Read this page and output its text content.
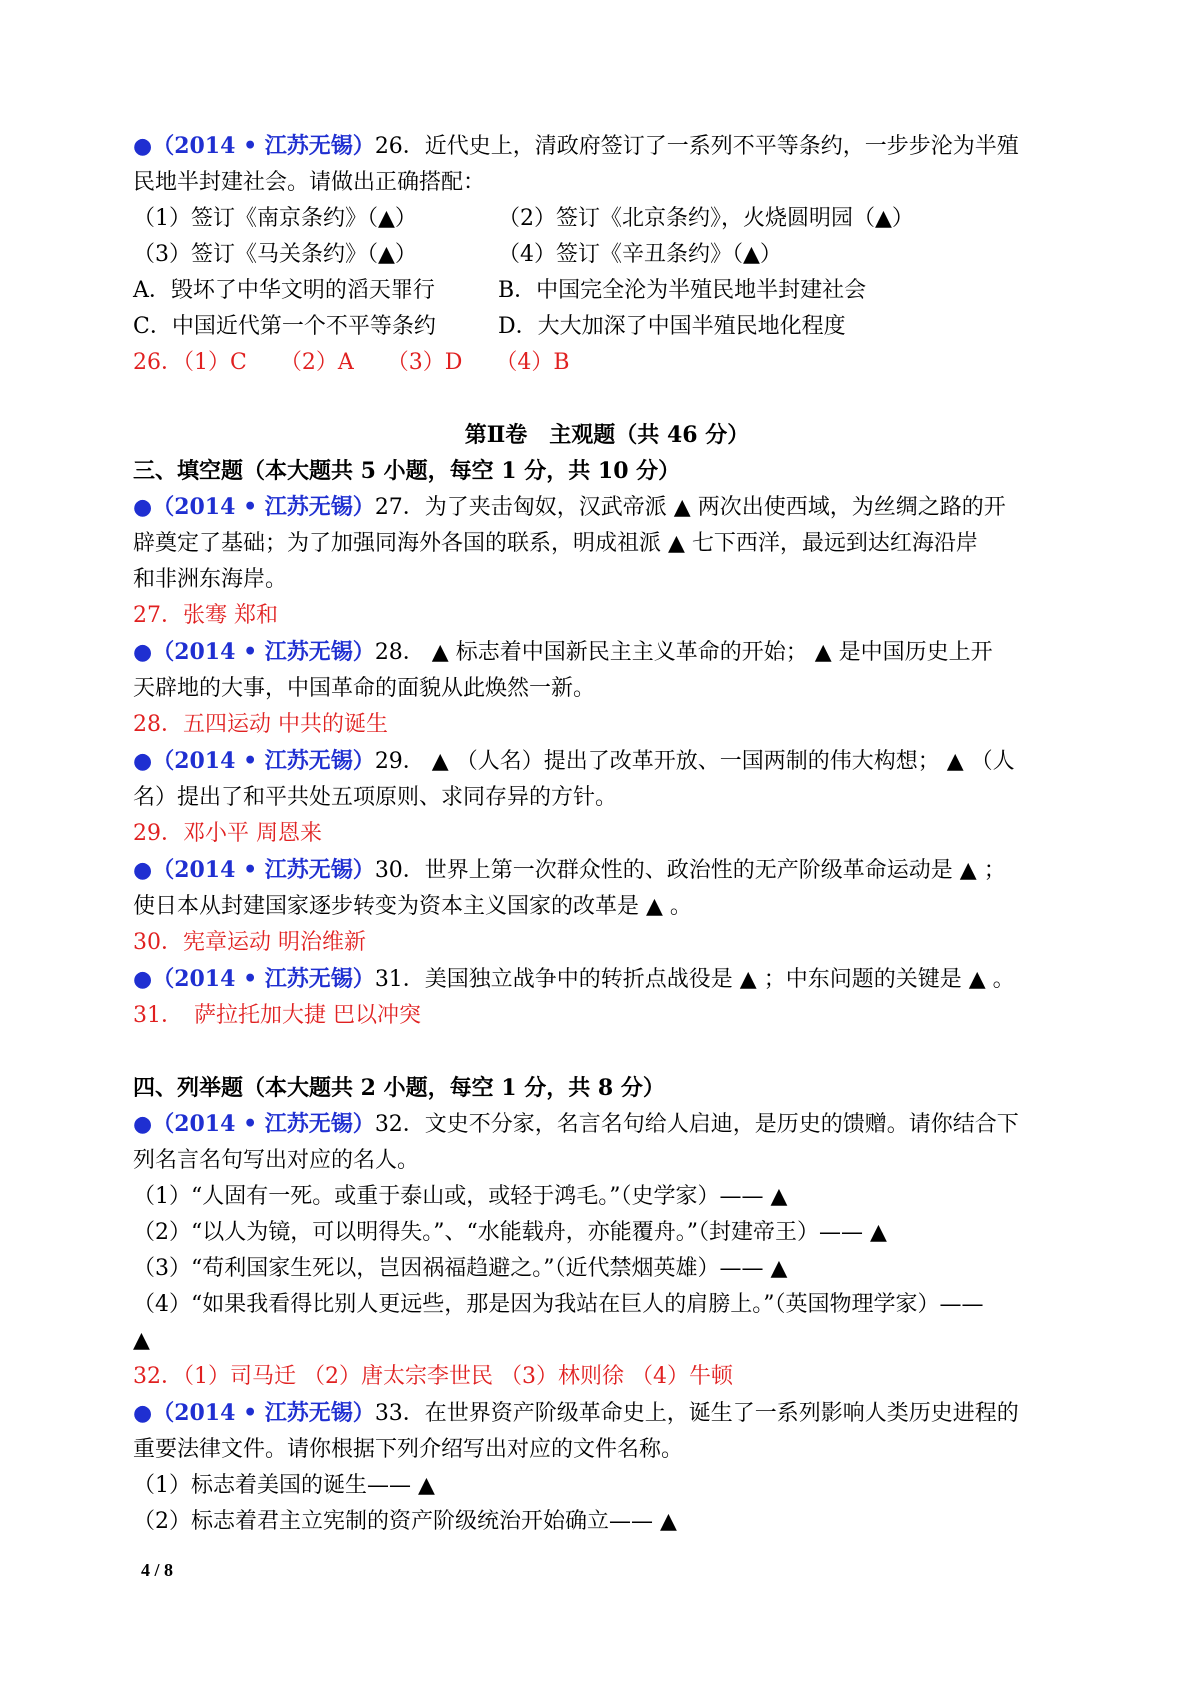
●（2014 • 江苏无锡）26．近代史上，清政府签订了一系列不平等条约，一步步沦为半殖
民地半封建社会。请做出正确搭配：
（1）签订《南京条约》（▲）	（2）签订《北京条约》，火烧圆明园（▲）
（3）签订《马关条约》（▲）	（4）签订《辛丑条约》（▲）
A．毁坏了中华文明的滔天罪行	B．中国完全沦为半殖民地半封建社会
C．中国近代第一个不平等条约	D．大大加深了中国半殖民地化程度
26．（1）C　　（2）A　　（3）D　　（4）B
第Ⅱ卷　主观题（共 46 分）
三、填空题（本大题共 5 小题，每空 1 分，共 10 分）
●（2014 • 江苏无锡）27．为了夹击匈奴，汉武帝派 ▲ 两次出使西域，为丝绸之路的开
辟奠定了基础；为了加强同海外各国的联系，明成祖派 ▲ 七下西洋，最远到达红海沿岸
和非洲东海岸。
27．张骞 郑和
●（2014 • 江苏无锡）28． ▲ 标志着中国新民主主义革命的开始； ▲ 是中国历史上开
天辟地的大事，中国革命的面貌从此焕然一新。
28．五四运动 中共的诞生
●（2014 • 江苏无锡）29． ▲ （人名）提出了改革开放、一国两制的伟大构想； ▲ （人
名）提出了和平共处五项原则、求同存异的方针。
29．邓小平 周恩来
●（2014 • 江苏无锡）30．世界上第一次群众性的、政治性的无产阶级革命运动是 ▲ ；
使日本从封建国家逐步转变为资本主义国家的改革是 ▲ 。
30．宪章运动 明治维新
●（2014 • 江苏无锡）31．美国独立战争中的转折点战役是 ▲ ；中东问题的关键是 ▲ 。
31．　萨拉托加大捷 巴以冲突
四、列举题（本大题共 2 小题，每空 1 分，共 8 分）
●（2014 • 江苏无锡）32．文史不分家，名言名句给人启迪，是历史的馈赠。请你结合下
列名言名句写出对应的名人。
（1）“人固有一死。或重于泰山或，或轻于鸿毛。”（史学家）—— ▲
（2）“以人为镜，可以明得失。”、“水能载舟，亦能覆舟。”（封建帝王）—— ▲
（3）“苟利国家生死以，岂因祸福趋避之。”（近代禁烟英雄）—— ▲
（4）“如果我看得比别人更远些，那是因为我站在巨人的肩膀上。”（英国物理学家）——
▲
32．（1）司马迁 （2）唐太宗李世民 （3）林则徐 （4）牛顿
●（2014 • 江苏无锡）33．在世界资产阶级革命史上，诞生了一系列影响人类历史进程的
重要法律文件。请你根据下列介绍写出对应的文件名称。
（1）标志着美国的诞生—— ▲
（2）标志着君主立宪制的资产阶级统治开始确立—— ▲
4 / 8
